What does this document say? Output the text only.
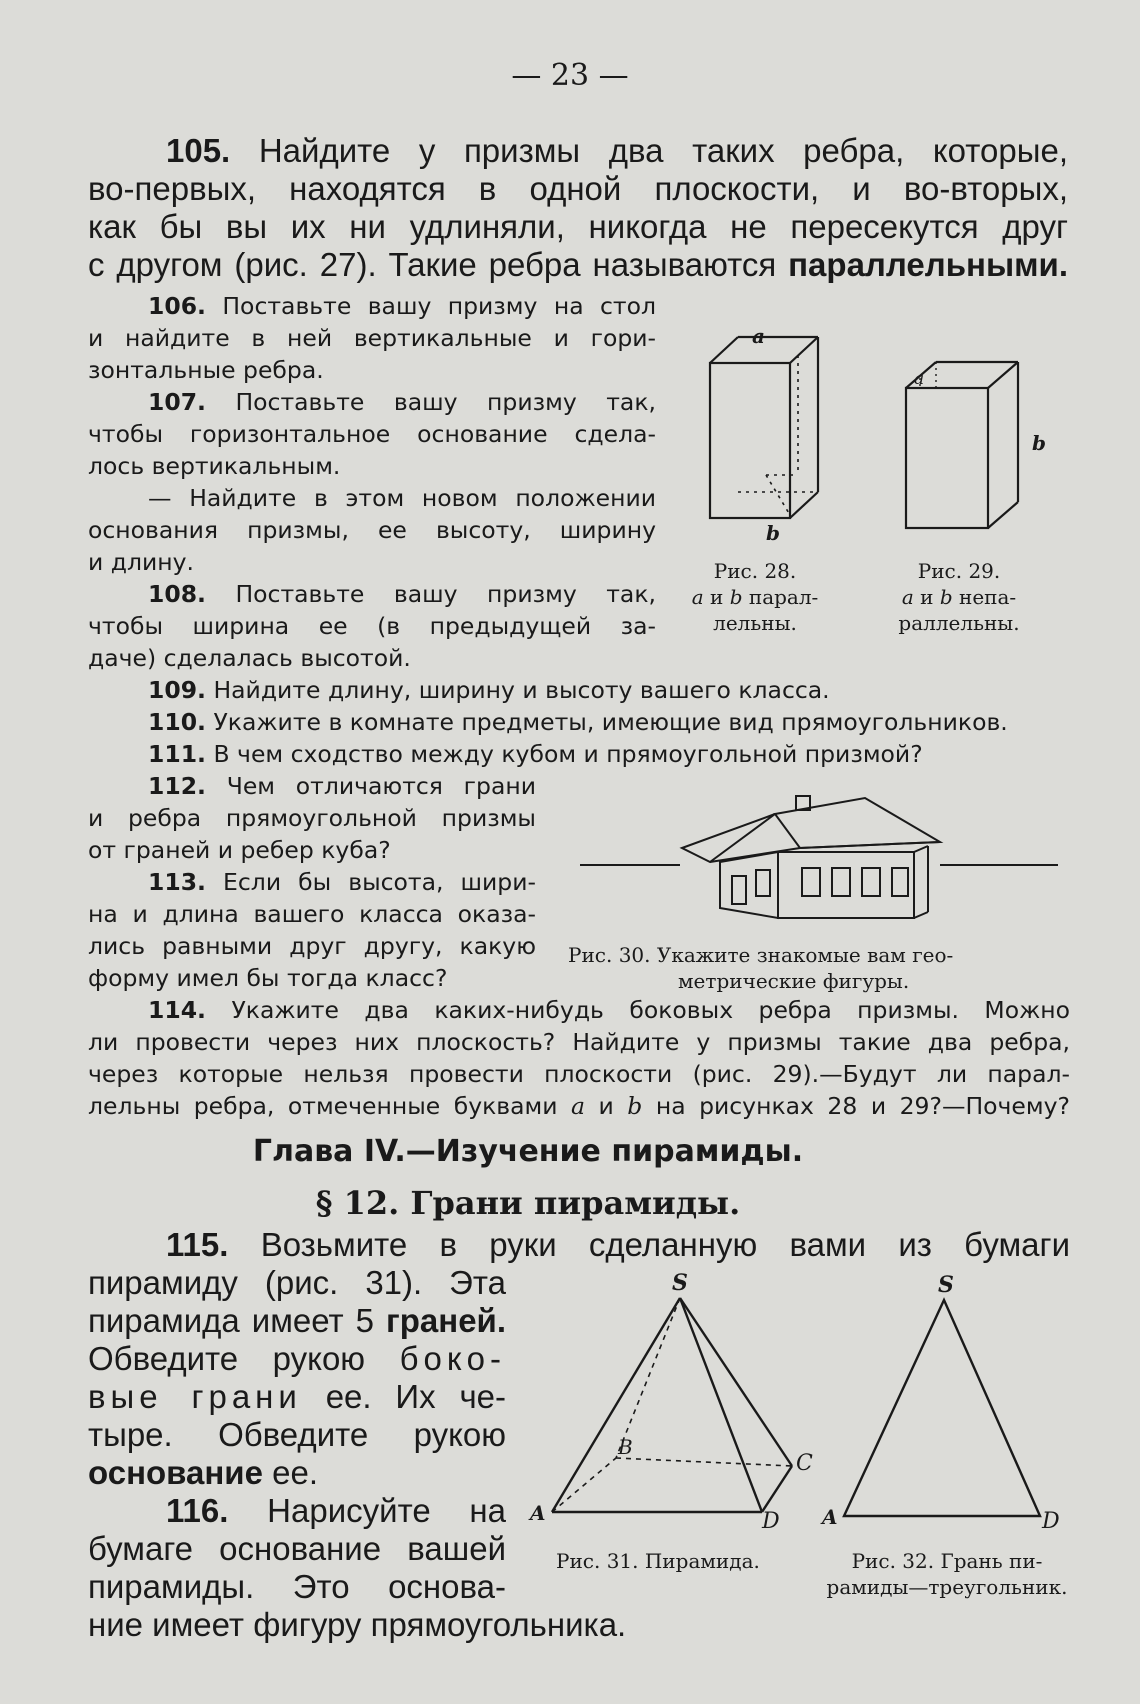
— 23 —
105. Найдите у призмы два таких ребра, которые,
во-первых, находятся в одной плоскости, и во-вторых,
как бы вы их ни удлиняли, никогда не пересекутся друг
с другом (рис. 27). Такие ребра называются параллельными.
106. Поставьте вашу призму на стол
и найдите в ней вертикальные и гори-
зонтальные ребра.
107. Поставьте вашу призму так,
чтобы горизонтальное основание сдела-
лось вертикальным.
— Найдите в этом новом положении
основания призмы, ее высоту, ширину
и длину.
108. Поставьте вашу призму так,
чтобы ширина ее (в предыдущей за-
даче) сделалась высотой.
a
b
a
b
Рис. 28.
a и b парал-
лельны.
Рис. 29.
a и b непа-
раллельны.
109. Найдите длину, ширину и высоту вашего класса.
110. Укажите в комнате предметы, имеющие вид прямоугольников.
111. В чем сходство между кубом и прямоугольной призмой?
112. Чем отличаются грани
и ребра прямоугольной призмы
от граней и ребер куба?
113. Если бы высота, шири-
на и длина вашего класса оказа-
лись равными друг другу, какую
форму имел бы тогда класс?
Рис. 30. Укажите знакомые вам гео-
метрические фигуры.
114. Укажите два каких-нибудь боковых ребра призмы. Можно
ли провести через них плоскость? Найдите у призмы такие два ребра,
через которые нельзя провести плоскости (рис. 29).—Будут ли парал-
лельны ребра, отмеченные буквами a и b на рисунках 28 и 29?—Почему?
Глава IV.—Изучение пирамиды.
§ 12. Грани пирамиды.
115. Возьмите в руки сделанную вами из бумаги
пирамиду (рис. 31). Эта
пирамида имеет 5 граней.
Обведите рукою боко-
вые грани ее. Их че-
тыре. Обведите рукою
основание ее.
116. Нарисуйте на
бумаге основание вашей
пирамиды. Это основа-
ние имеет фигуру прямоугольника.
S
A
B
C
D
S
A	D
Рис. 31. Пирамида.	Рис. 32. Грань пи-
рамиды—треугольник.
